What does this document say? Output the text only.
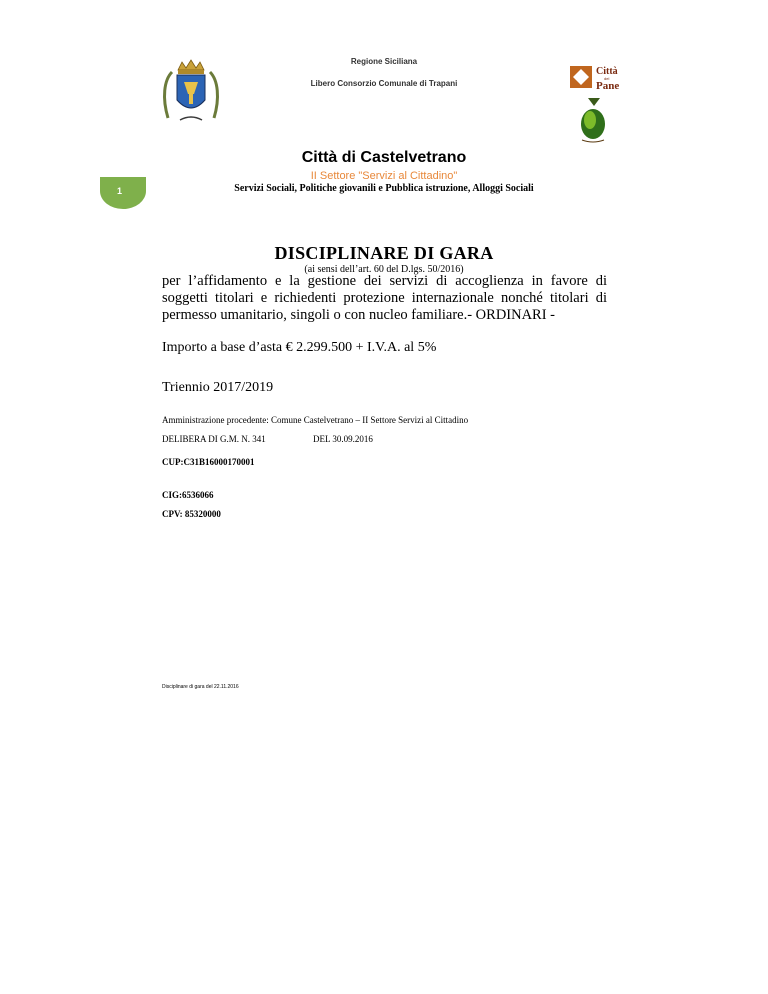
Regione Siciliana
Libero Consorzio Comunale di Trapani
Città
del
Pane
Città di Castelvetrano
II Settore "Servizi al Cittadino"
1	Servizi Sociali, Politiche giovanili e Pubblica istruzione, Alloggi Sociali
DISCIPLINARE DI GARA
(ai sensi dell’art. 60 del D.lgs. 50/2016)
per l’affidamento e la gestione dei servizi di accoglienza in favore di soggetti titolari e richiedenti protezione internazionale nonché titolari di permesso umanitario, singoli o con nucleo familiare.- ORDINARI -
Importo a base d’asta € 2.299.500 + I.V.A. al 5%
Triennio 2017/2019
Amministrazione procedente: Comune Castelvetrano – II Settore Servizi al Cittadino
DELIBERA DI G.M. N. 341	DEL 30.09.2016
CUP:C31B16000170001
CIG:6536066
CPV: 85320000
Disciplinare di gara del 22.11.2016
